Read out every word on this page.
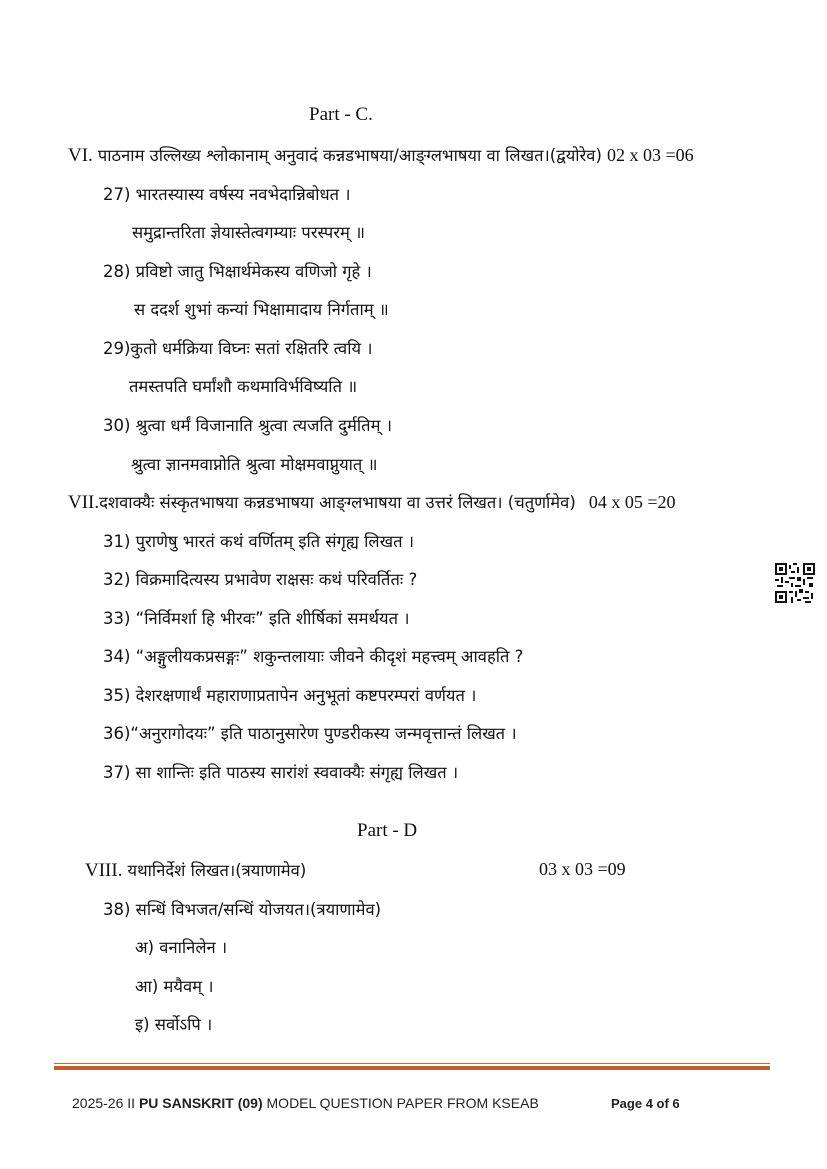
Part - C.
VI. पाठनाम उल्लिख्य श्लोकानाम् अनुवादं कन्नडभाषया/आङ्ग्लभाषया वा लिखत।(द्वयोरेव) 02 x 03 =06
27) भारतस्यास्य वर्षस्य नवभेदान्निबोधत ।
समुद्रान्तरिता ज्ञेयास्तेत्वगम्याः परस्परम् ॥
28) प्रविष्टो जातु भिक्षार्थमेकस्य वणिजो गृहे ।
स ददर्श शुभां कन्यां भिक्षामादाय निर्गताम् ॥
29)कुतो धर्मक्रिया विघ्नः सतां रक्षितरि त्वयि ।
तमस्तपति घर्मांशौ कथमाविर्भविष्यति ॥
30) श्रुत्वा धर्मं विजानाति श्रुत्वा त्यजति दुर्मतिम् ।
श्रुत्वा ज्ञानमवाप्नोति श्रुत्वा मोक्षमवाप्नुयात् ॥
VII.दशवाक्यैः संस्कृतभाषया कन्नडभाषया आङ्ग्लभाषया वा उत्तरं लिखत। (चतुर्णामेव) 04 x 05 =20
31) पुराणेषु भारतं कथं वर्णितम् इति संगृह्य लिखत ।
32) विक्रमादित्यस्य प्रभावेण राक्षसः कथं परिवर्तितः ?
33) “निर्विमर्शा हि भीरवः” इति शीर्षिकां समर्थयत ।
34) “अङ्गुलीयकप्रसङ्गः” शकुन्तलायाः जीवने कीदृशं महत्त्वम् आवहति ?
35) देशरक्षणार्थं महाराणाप्रतापेन अनुभूतां कष्टपरम्परां वर्णयत ।
36)“अनुरागोदयः” इति पाठानुसारेण पुण्डरीकस्य जन्मवृत्तान्तं लिखत ।
37) सा शान्तिः इति पाठस्य सारांशं स्ववाक्यैः संगृह्य लिखत ।
Part - D
VIII. यथानिर्देशं लिखत।(त्रयाणामेव)	03 x 03 =09
38) सन्धिं विभजत/सन्धिं योजयत।(त्रयाणामेव)
अ) वनानिलेन ।
आ) मयैवम् ।
इ) सर्वोऽपि ।
2025-26 II PU SANSKRIT (09) MODEL QUESTION PAPER FROM KSEAB	Page 4 of 6
